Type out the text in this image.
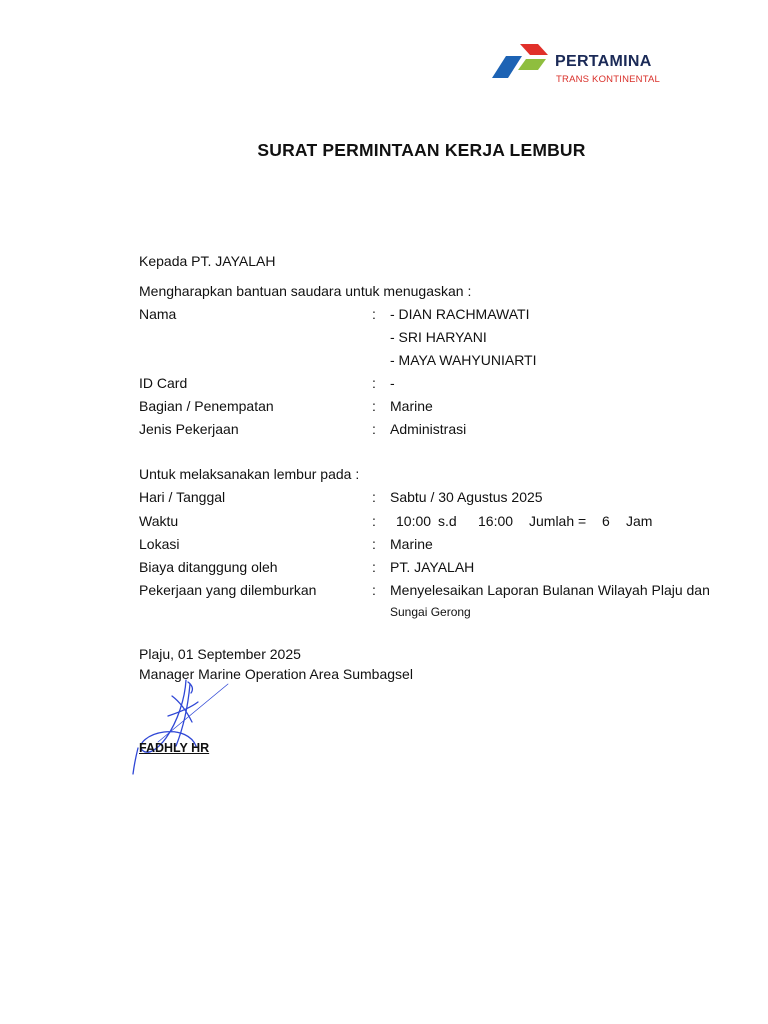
PERTAMINA
TRANS KONTINENTAL
SURAT PERMINTAAN KERJA LEMBUR
Kepada PT. JAYALAH
Mengharapkan bantuan saudara untuk menugaskan :
Nama	: - DIAN RACHMAWATI
- SRI HARYANI
- MAYA WAHYUNIARTI
ID Card	: -
Bagian / Penempatan	: Marine
Jenis Pekerjaan	: Administrasi
Untuk melaksanakan lembur pada :
Hari / Tanggal	: Sabtu / 30 Agustus 2025
Waktu	: 10:00 s.d 16:00 Jumlah = 6 Jam
Lokasi	: Marine
Biaya ditanggung oleh	: PT. JAYALAH
Pekerjaan yang dilemburkan	: Menyelesaikan Laporan Bulanan Wilayah Plaju dan
Sungai Gerong
Plaju, 01 September 2025
Manager Marine Operation Area Sumbagsel
FADHLY HR
